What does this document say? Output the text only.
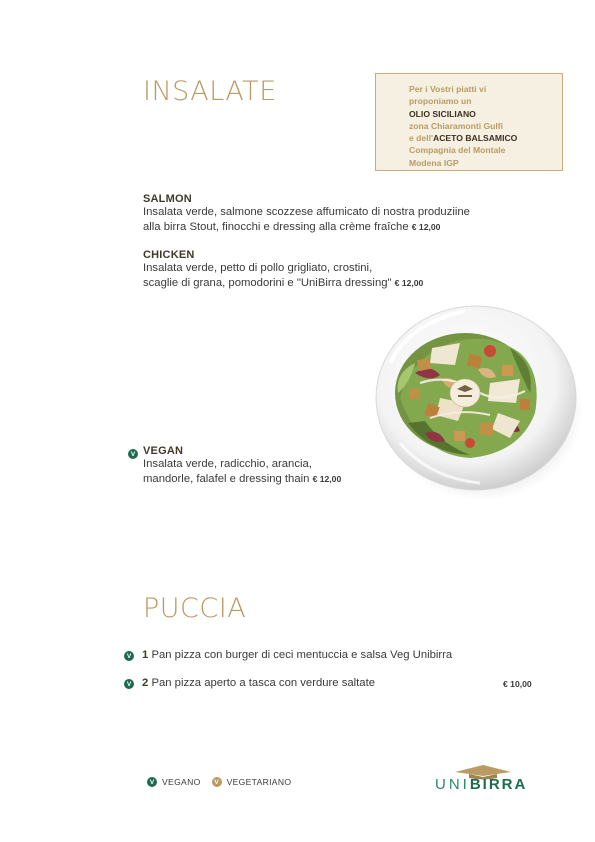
INSALATE	Per i Vostri piatti vi
proponiamo un
OLIO SICILIANO
zona Chiaramonti Gulfi
e dell'ACETO BALSAMICO
Compagnia del Montale
Modena IGP
SALMON
Insalata verde, salmone scozzese affumicato di nostra produziine
alla birra Stout, finocchi e dressing alla crème fraîche € 12,00
CHICKEN
Insalata verde, petto di pollo grigliato, crostini,
scaglie di grana, pomodorini e "UniBirra dressing" € 12,00
V VEGAN
Insalata verde, radicchio, arancia,
mandorle, falafel e dressing thain € 12,00
PUCCIA
V 1 Pan pizza con burger di ceci mentuccia e salsa Veg Unibirra
V 2 Pan pizza aperto a tasca con verdure saltate	€ 10,00
V VEGANO	V VEGETARIANO	UNIBIRRA
